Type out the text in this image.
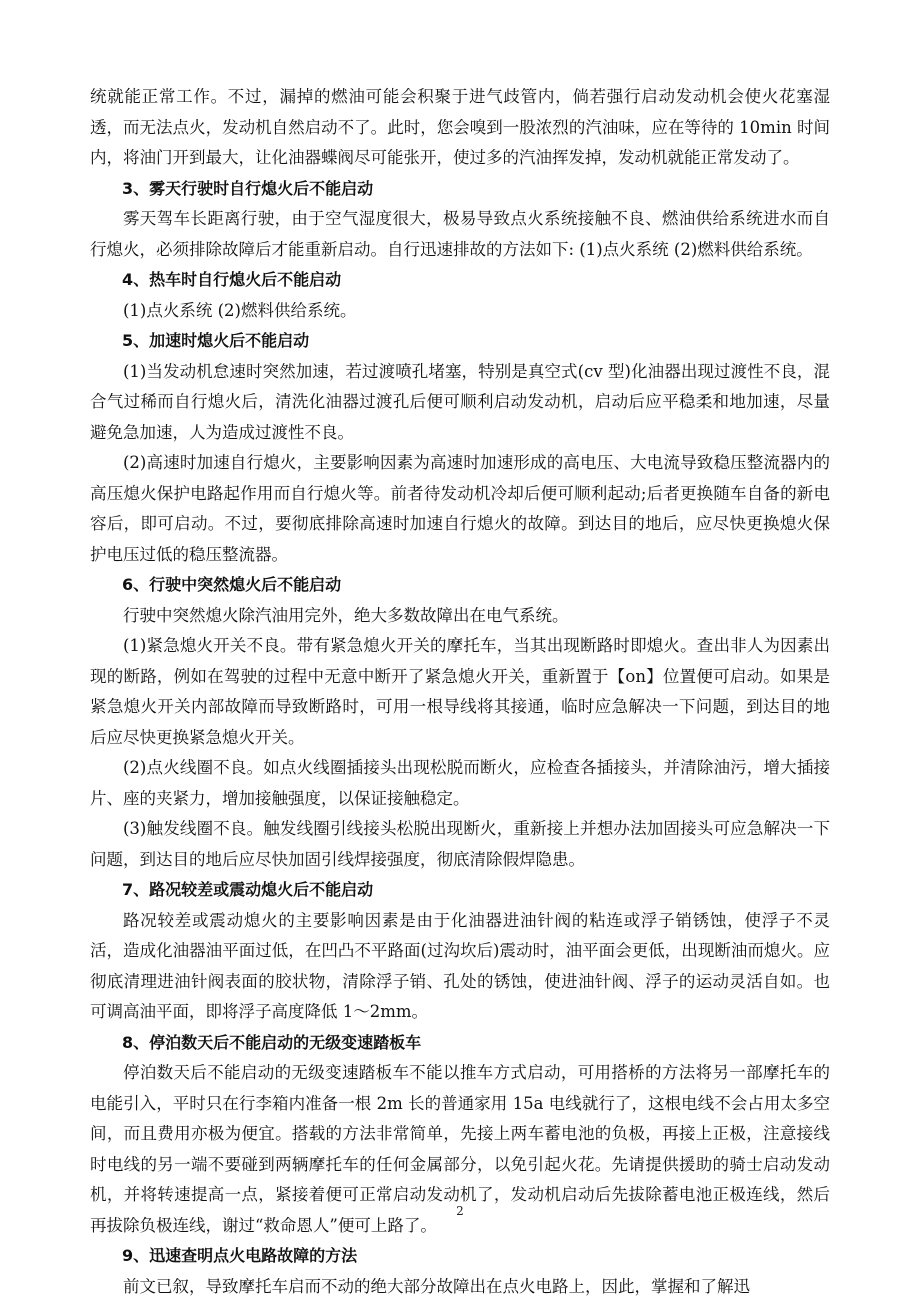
统就能正常工作。不过，漏掉的燃油可能会积聚于进气歧管内，倘若强行启动发动机会使火花塞湿透，而无法点火，发动机自然启动不了。此时，您会嗅到一股浓烈的汽油味，应在等待的 10min 时间内，将油门开到最大，让化油器蝶阀尽可能张开，使过多的汽油挥发掉，发动机就能正常发动了。

3、雾天行驶时自行熄火后不能启动

雾天驾车长距离行驶，由于空气湿度很大，极易导致点火系统接触不良、燃油供给系统进水而自行熄火，必须排除故障后才能重新启动。自行迅速排故的方法如下: (1)点火系统 (2)燃料供给系统。

4、热车时自行熄火后不能启动

(1)点火系统 (2)燃料供给系统。

5、加速时熄火后不能启动

(1)当发动机怠速时突然加速，若过渡喷孔堵塞，特别是真空式(cv 型)化油器出现过渡性不良，混合气过稀而自行熄火后，清洗化油器过渡孔后便可顺利启动发动机，启动后应平稳柔和地加速，尽量避免急加速，人为造成过渡性不良。

(2)高速时加速自行熄火，主要影响因素为高速时加速形成的高电压、大电流导致稳压整流器内的高压熄火保护电路起作用而自行熄火等。前者待发动机冷却后便可顺利起动;后者更换随车自备的新电容后，即可启动。不过，要彻底排除高速时加速自行熄火的故障。到达目的地后，应尽快更换熄火保护电压过低的稳压整流器。

6、行驶中突然熄火后不能启动

行驶中突然熄火除汽油用完外，绝大多数故障出在电气系统。

(1)紧急熄火开关不良。带有紧急熄火开关的摩托车，当其出现断路时即熄火。查出非人为因素出现的断路，例如在驾驶的过程中无意中断开了紧急熄火开关，重新置于【on】位置便可启动。如果是紧急熄火开关内部故障而导致断路时，可用一根导线将其接通，临时应急解决一下问题，到达目的地后应尽快更换紧急熄火开关。

(2)点火线圈不良。如点火线圈插接头出现松脱而断火，应检查各插接头，并清除油污，增大插接片、座的夹紧力，增加接触强度，以保证接触稳定。

(3)触发线圈不良。触发线圈引线接头松脱出现断火，重新接上并想办法加固接头可应急解决一下问题，到达目的地后应尽快加固引线焊接强度，彻底清除假焊隐患。

7、路况较差或震动熄火后不能启动

路况较差或震动熄火的主要影响因素是由于化油器进油针阀的粘连或浮子销锈蚀，使浮子不灵活，造成化油器油平面过低，在凹凸不平路面(过沟坎后)震动时，油平面会更低，出现断油而熄火。应彻底清理进油针阀表面的胶状物，清除浮子销、孔处的锈蚀，使进油针阀、浮子的运动灵活自如。也可调高油平面，即将浮子高度降低 1～2mm。

8、停泊数天后不能启动的无级变速踏板车

停泊数天后不能启动的无级变速踏板车不能以推车方式启动，可用搭桥的方法将另一部摩托车的电能引入，平时只在行李箱内准备一根 2m 长的普通家用 15a 电线就行了，这根电线不会占用太多空间，而且费用亦极为便宜。搭载的方法非常简单，先接上两车蓄电池的负极，再接上正极，注意接线时电线的另一端不要碰到两辆摩托车的任何金属部分，以免引起火花。先请提供援助的骑士启动发动机，并将转速提高一点，紧接着便可正常启动发动机了，发动机启动后先拔除蓄电池正极连线，然后再拔除负极连线，谢过“救命恩人”便可上路了。

9、迅速查明点火电路故障的方法

前文已叙，导致摩托车启而不动的绝大部分故障出在点火电路上，因此，掌握和了解迅

2
